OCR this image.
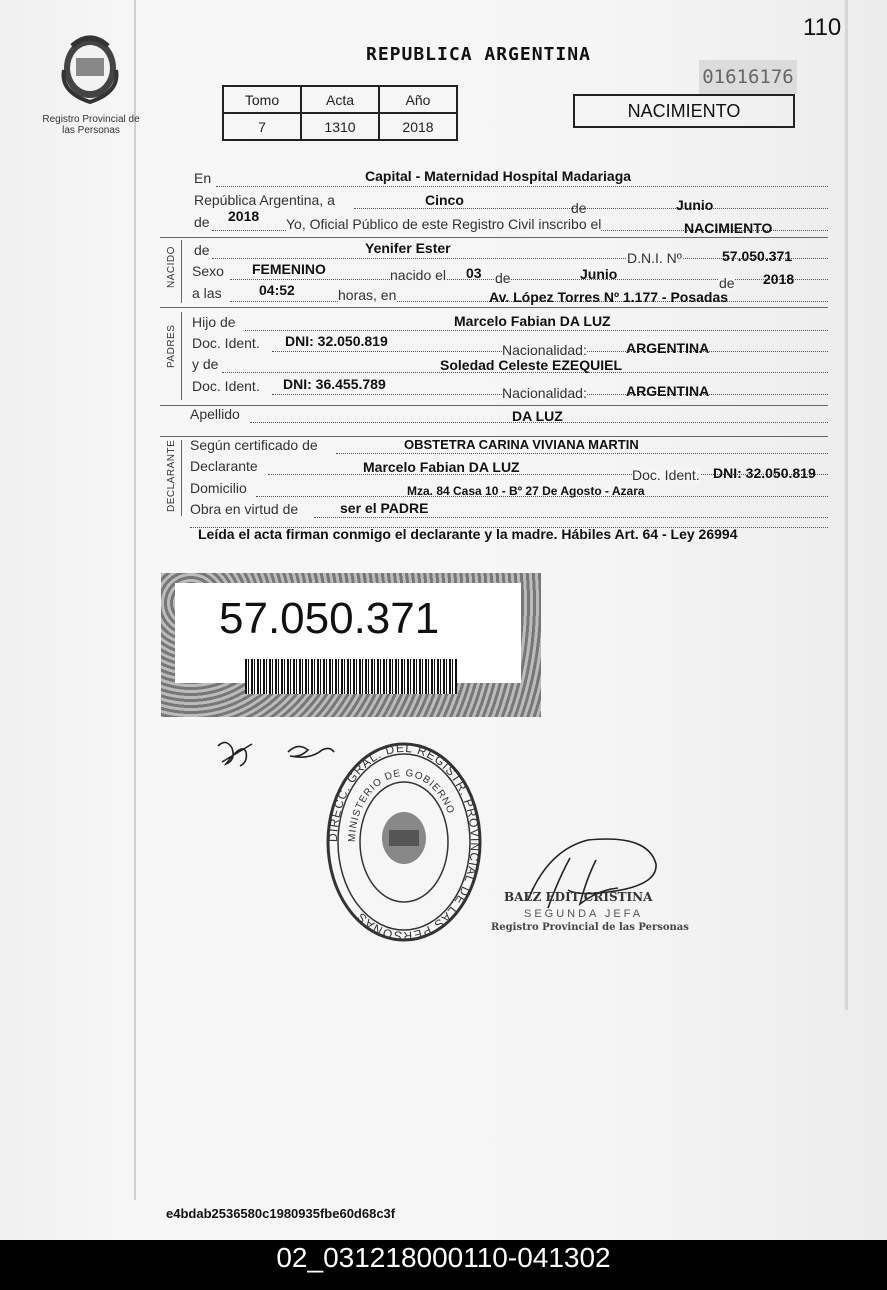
110
Registro Provincial de las Personas
REPUBLICA ARGENTINA
01616176
Tomo	Acta	Año
7	1310	2018
NACIMIENTO
NACIDO
PADRES
DECLARANTE
En	Capital - Maternidad Hospital Madariaga
República Argentina, a	Cinco	de	Junio
de 2018 Yo, Oficial Público de este Registro Civil inscribo el	NACIMIENTO
de	Yenifer Ester
D.N.I. Nº	57.050.371
Sexo FEMENINO	nacido el 03 de	Junio
de 2018
a las	04:52	horas, en	Av. López Torres Nº 1.177 - Posadas
Hijo de	Marcelo Fabian DA LUZ
Doc. Ident. DNI: 32.050.819
Nacionalidad:	ARGENTINA
y de	Soledad Celeste EZEQUIEL
Doc. Ident. DNI: 36.455.789
Nacionalidad:	ARGENTINA
Apellido	DA LUZ
Según certificado de	OBSTETRA CARINA VIVIANA MARTIN
Declarante	Marcelo Fabian DA LUZ	Doc. Ident. DNI: 32.050.819
Domicilio	Mza. 84 Casa 10 - Bº 27 De Agosto - Azara
Obra en virtud de	ser el PADRE
Leída el acta firman conmigo el declarante y la madre. Hábiles Art. 64 - Ley 26994
57.050.371
DIRECC. GRAL. DEL REGISTR. PROVINCIAL DE LAS PERSONAS
MINISTERIO DE GOBIERNO
BAEZ EDIT CRISTINA
SEGUNDA JEFA
Registro Provincial de las Personas
e4bdab2536580c1980935fbe60d68c3f
02_031218000110-041302
